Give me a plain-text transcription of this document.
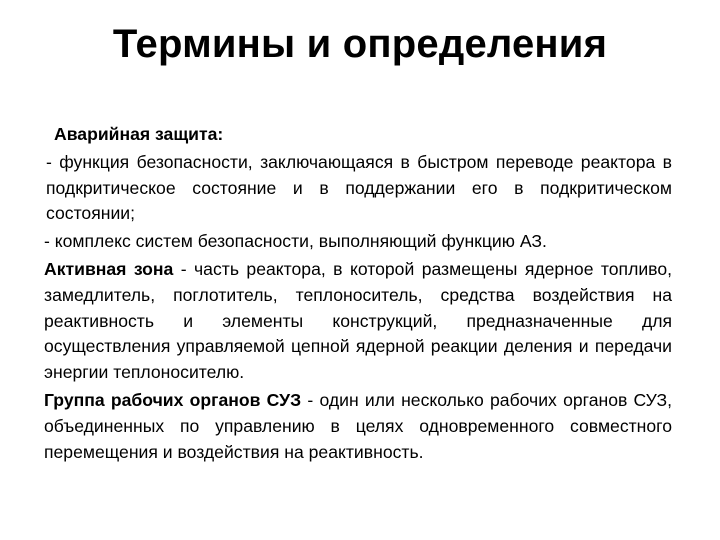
Термины и определения

Аварийная защита:

- функция безопасности, заключающаяся в быстром переводе реактора в подкритическое состояние и в поддержании его в подкритическом состоянии;

- комплекс систем безопасности, выполняющий функцию АЗ.

Активная зона - часть реактора, в которой размещены ядерное топливо, замедлитель, поглотитель, теплоноситель, средства воздействия на реактивность и элементы конструкций, предназначенные для осуществления управляемой цепной ядерной реакции деления и передачи энергии теплоносителю.

Группа рабочих органов СУЗ - один или несколько рабочих органов СУЗ, объединенных по управлению в целях одновременного совместного перемещения и воздействия на реактивность.
